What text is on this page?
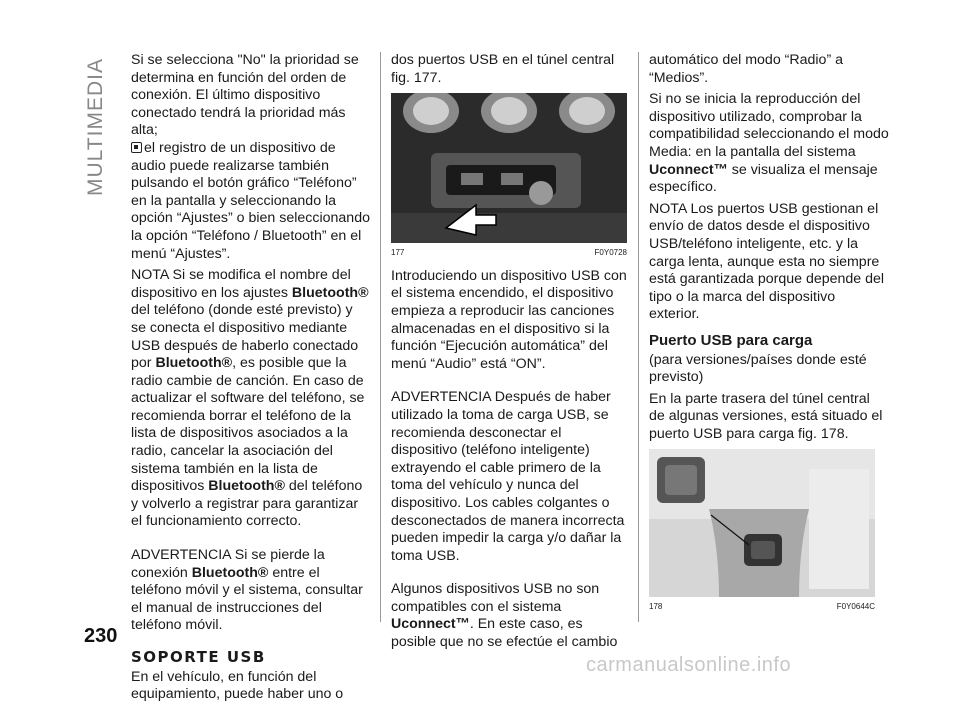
MULTIMEDIA Si se selecciona "No" la prioridad se determina en función del orden de conexión. El último dispositivo conectado tendrá la prioridad más alta;
el registro de un dispositivo de audio puede realizarse también pulsando el botón gráfico “Teléfono” en la pantalla y seleccionando la opción “Ajustes” o bien seleccionando la opción “Teléfono / Bluetooth” en el menú “Ajustes”.

NOTA Si se modifica el nombre del dispositivo en los ajustes Bluetooth® del teléfono (donde esté previsto) y se conecta el dispositivo mediante USB después de haberlo conectado por Bluetooth®, es posible que la radio cambie de canción. En caso de actualizar el software del teléfono, se recomienda borrar el teléfono de la lista de dispositivos asociados a la radio, cancelar la asociación del sistema también en la lista de dispositivos Bluetooth® del teléfono y volverlo a registrar para garantizar el funcionamiento correcto.

ADVERTENCIA Si se pierde la conexión Bluetooth® entre el teléfono móvil y el sistema, consultar el manual de instrucciones del teléfono móvil.

SOPORTE USB

En el vehículo, en función del equipamiento, puede haber uno o

dos puertos USB en el túnel central fig. 177.

177	F0Y0728

Introduciendo un dispositivo USB con el sistema encendido, el dispositivo empieza a reproducir las canciones almacenadas en el dispositivo si la función “Ejecución automática” del menú “Audio” está “ON”.

ADVERTENCIA Después de haber utilizado la toma de carga USB, se recomienda desconectar el dispositivo (teléfono inteligente) extrayendo el cable primero de la toma del vehículo y nunca del dispositivo. Los cables colgantes o desconectados de manera incorrecta pueden impedir la carga y/o dañar la toma USB.

Algunos dispositivos USB no son compatibles con el sistema Uconnect™. En este caso, es posible que no se efectúe el cambio

automático del modo “Radio” a “Medios”.

Si no se inicia la reproducción del dispositivo utilizado, comprobar la compatibilidad seleccionando el modo Media: en la pantalla del sistema Uconnect™ se visualiza el mensaje específico.

NOTA Los puertos USB gestionan el envío de datos desde el dispositivo USB/teléfono inteligente, etc. y la carga lenta, aunque esta no siempre está garantizada porque depende del tipo o la marca del dispositivo exterior.

Puerto USB para carga

(para versiones/países donde esté previsto)

En la parte trasera del túnel central de algunas versiones, está situado el puerto USB para carga fig. 178.

178	F0Y0644C
230
carmanualsonline.info
